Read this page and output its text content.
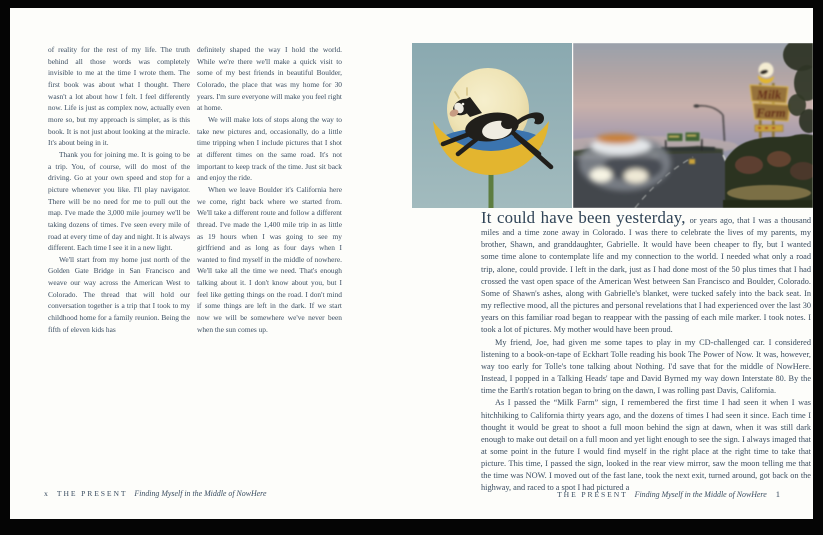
of reality for the rest of my life. The truth behind all those words was completely invisible to me at the time I wrote them. The first book was about what I thought. There wasn't a lot about how I felt. I feel differently now. Life is just as complex now, actually even more so, but my approach is simpler, as is this book. It is not just about looking at the miracle. It's about being in it.

Thank you for joining me. It is going to be a trip. You, of course, will do most of the driving. Go at your own speed and stop for a picture whenever you like. I'll play navigator. There will be no need for me to pull out the map. I've made the 3,000 mile journey we'll be taking dozens of times. I've seen every mile of road at every time of day and night. It is always different. Each time I see it in a new light.

We'll start from my home just north of the Golden Gate Bridge in San Francisco and weave our way across the American West to Colorado. The thread that will hold our conversation together is a trip that I took to my childhood home for a family reunion. Being the fifth of eleven kids has

definitely shaped the way I hold the world. While we're there we'll make a quick visit to some of my best friends in beautiful Boulder, Colorado, the place that was my home for 30 years. I'm sure everyone will make you feel right at home.

We will make lots of stops along the way to take new pictures and, occasionally, do a little time tripping when I include pictures that I shot at different times on the same road. It's not important to keep track of the time. Just sit back and enjoy the ride.

When we leave Boulder it's California here we come, right back where we started from. We'll take a different route and follow a different thread. I've made the 1,400 mile trip in as little as 19 hours when I was going to see my girlfriend and as long as four days when I wanted to find myself in the middle of nowhere. We'll take all the time we need. That's enough talking about it. I don't know about you, but I feel like getting things on the road. I don't mind if some things are left in the dark. If we start now we will be somewhere we've never been when the sun comes up.

x THE PRESENT Finding Myself in the Middle of NowHere
Milk
Farm

It could have been yesterday, or years ago, that I was a thousand miles and a time zone away in Colorado. I was there to celebrate the lives of my parents, my brother, Shawn, and granddaughter, Gabrielle. It would have been cheaper to fly, but I wanted some time alone to contemplate life and my connection to the world. I needed what only a road trip, alone, could provide. I left in the dark, just as I had done most of the 50 plus times that I had crossed the vast open space of the American West between San Francisco and Boulder, Colorado. Some of Shawn's ashes, along with Gabrielle's blanket, were tucked safely into the back seat. In my reflective mood, all the pictures and personal revelations that I had experienced over the last 30 years on this familiar road began to reappear with the passing of each mile marker. I took notes. I took a lot of pictures. My mother would have been proud.

My friend, Joe, had given me some tapes to play in my CD-challenged car. I considered listening to a book-on-tape of Eckhart Tolle reading his book The Power of Now. It was, however, way too early for Tolle's tone talking about Nothing. I'd save that for the middle of NowHere. Instead, I popped in a Talking Heads' tape and David Byrned my way down Interstate 80. By the time the Earth's rotation began to bring on the dawn, I was rolling past Davis, California.

As I passed the “Milk Farm” sign, I remembered the first time I had seen it when I was hitchhiking to California thirty years ago, and the dozens of times I had seen it since. Each time I thought it would be great to shoot a full moon behind the sign at dawn, when it was still dark enough to make out detail on a full moon and yet light enough to see the sign. I always imaged that at some point in the future I would find myself in the right place at the right time to take that picture. This time, I passed the sign, looked in the rear view mirror, saw the moon telling me that the time was NOW. I moved out of the fast lane, took the next exit, turned around, got back on the highway, and raced to a spot I had pictured a

THE PRESENT Finding Myself in the Middle of NowHere 1
